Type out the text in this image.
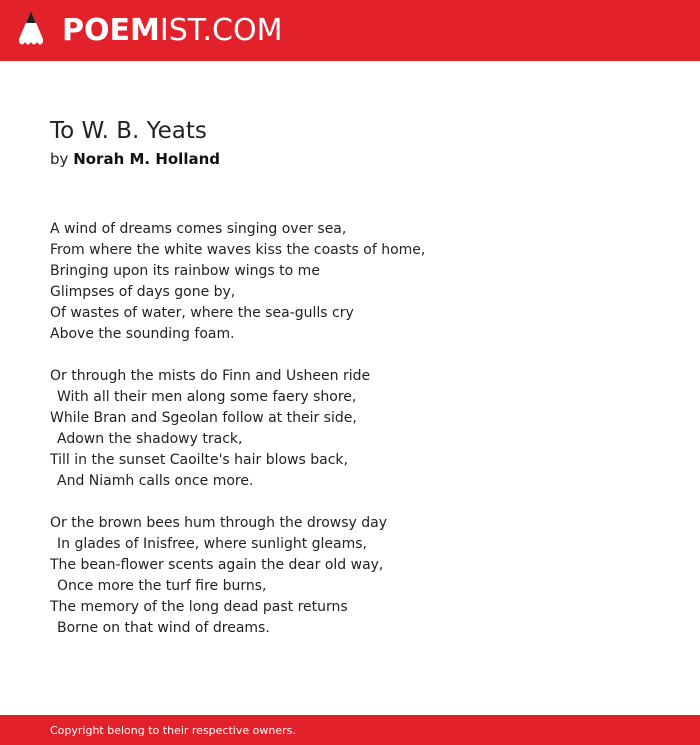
POEMIST.COM
To W. B. Yeats
by Norah M. Holland
A wind of dreams comes singing over sea,
From where the white waves kiss the coasts of home,
Bringing upon its rainbow wings to me
Glimpses of days gone by,
Of wastes of water, where the sea-gulls cry
Above the sounding foam.
Or through the mists do Finn and Usheen ride
With all their men along some faery shore,
While Bran and Sgeolan follow at their side,
Adown the shadowy track,
Till in the sunset Caoilte's hair blows back,
And Niamh calls once more.
Or the brown bees hum through the drowsy day
In glades of Inisfree, where sunlight gleams,
The bean-flower scents again the dear old way,
Once more the turf fire burns,
The memory of the long dead past returns
Borne on that wind of dreams.
Copyright belong to their respective owners.
